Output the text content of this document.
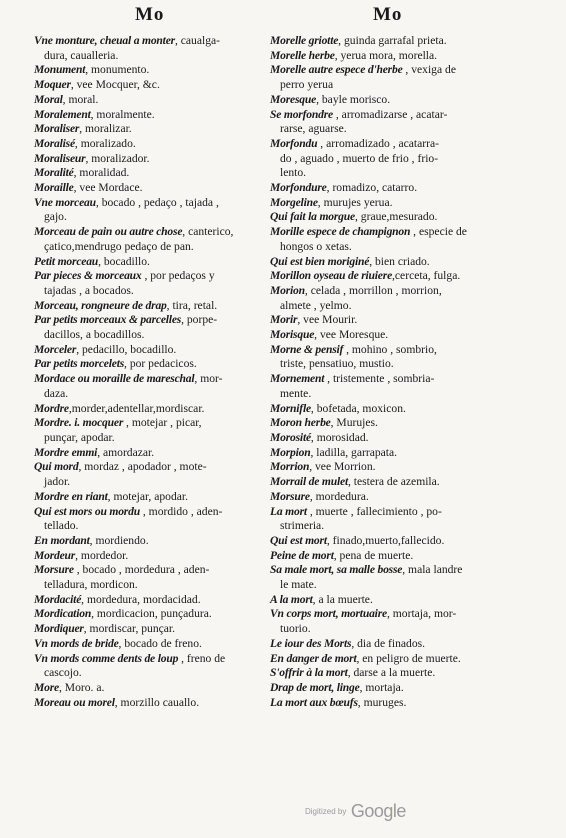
Mo	Mo
Vne monture, cheual a monter, caualga-
dura, caualleria.
Monument, monumento.
Moquer, vee Mocquer, &c.
Moral, moral.
Moralement, moralmente.
Moraliser, moralizar.
Moralisé, moralizado.
Moraliseur, moralizador.
Moralité, moralidad.
Moraille, vee Mordace.
Vne morceau, bocado , pedaço , tajada ,
gajo.
Morceau de pain ou autre chose, canterico,
çatico,mendrugo pedaço de pan.
Petit morceau, bocadillo.
Par pieces & morceaux , por pedaços y
tajadas , a bocados.
Morceau, rongneure de drap, tira, retal.
Par petits morceaux & parcelles, porpe-
dacillos, a bocadillos.
Morceler, pedacillo, bocadillo.
Par petits morcelets, por pedacicos.
Mordace ou moraille de mareschal, mor-
daza.
Mordre,morder,adentellar,mordiscar.
Mordre. i. mocquer , motejar , picar,
punçar, apodar.
Mordre emmi, amordazar.
Qui mord, mordaz , apodador , mote-
jador.
Mordre en riant, motejar, apodar.
Qui est mors ou mordu , mordido , aden-
tellado.
En mordant, mordiendo.
Mordeur, mordedor.
Morsure , bocado , mordedura , aden-
telladura, mordicon.
Mordacité, mordedura, mordacidad.
Mordication, mordicacion, punçadura.
Mordiquer, mordiscar, punçar.
Vn mords de bride, bocado de freno.
Vn mords comme dents de loup , freno de
cascojo.
More, Moro. a.
Moreau ou morel, morzillo cauallo.
Morelle griotte, guinda garrafal prieta.
Morelle herbe, yerua mora, morella.
Morelle autre espece d'herbe , vexiga de
perro yerua
Moresque, bayle morisco.
Se morfondre , arromadizarse , acatar-
rarse, aguarse.
Morfondu , arromadizado , acatarra-
do , aguado , muerto de frio , frio-
lento.
Morfondure, romadizo, catarro.
Morgeline, murujes yerua.
Qui fait la morgue, graue,mesurado.
Morille espece de champignon , especie de
hongos o xetas.
Qui est bien moriginé, bien criado.
Morillon oyseau de riuiere,cerceta, fulga.
Morion, celada , morrillon , morrion,
almete , yelmo.
Morir, vee Mourir.
Morisque, vee Moresque.
Morne & pensif , mohino , sombrio,
triste, pensatiuo, mustio.
Mornement , tristemente , sombria-
mente.
Mornifle, bofetada, moxicon.
Moron herbe, Murujes.
Morosité, morosidad.
Morpion, ladilla, garrapata.
Morrion, vee Morrion.
Morrail de mulet, testera de azemila.
Morsure, mordedura.
La mort , muerte , fallecimiento , po-
strimeria.
Qui est mort, finado,muerto,fallecido.
Peine de mort, pena de muerte.
Sa male mort, sa malle bosse, mala landre
le mate.
A la mort, a la muerte.
Vn corps mort, mortuaire, mortaja, mor-
tuorio.
Le iour des Morts, dia de finados.
En danger de mort, en peligro de muerte.
S'offrir à la mort, darse a la muerte.
Drap de mort, linge, mortaja.
La mort aux bœufs, muruges.
Digitized by Google
